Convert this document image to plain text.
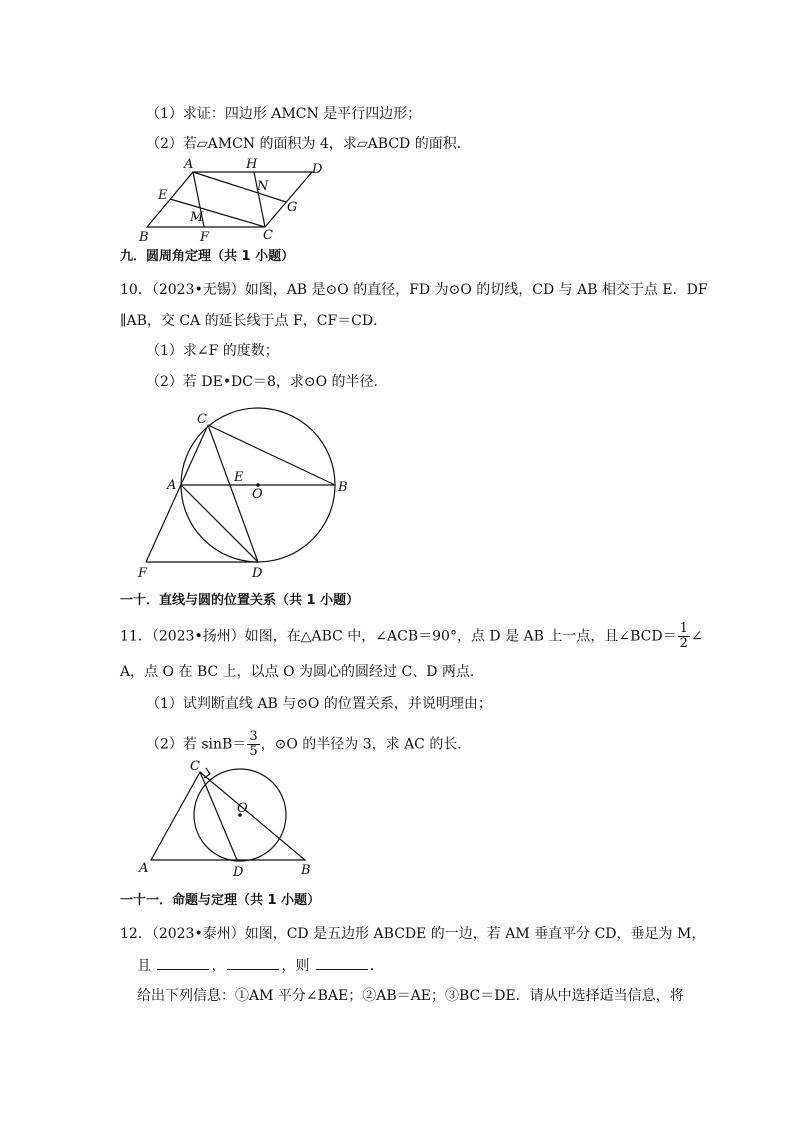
（1）求证：四边形 AMCN 是平行四边形；
（2）若▱AMCN 的面积为 4，求▱ABCD 的面积．
A	H	D
E
N
G
M
B	F	C
九．圆周角定理（共 1 小题）
10．（2023•无锡）如图，AB 是⊙O 的直径，FD 为⊙O 的切线，CD 与 AB 相交于点 E．DF
∥AB，交 CA 的延长线于点 F，CF＝CD．
（1）求∠F 的度数；
（2）若 DE•DC＝8，求⊙O 的半径．
C
A
E
O	B
F	D
一十．直线与圆的位置关系（共 1 小题）
11．（2023•扬州）如图，在△ABC 中，∠ACB＝90°，点 D 是 AB 上一点，且∠BCD＝ $\frac{1}{2}$ ∠
A，点 O 在 BC 上，以点 O 为圆心的圆经过 C、D 两点．
（1）试判断直线 AB 与⊙O 的位置关系，并说明理由；
（2）若 $\sin B= \frac{3}{5}$ ，⊙O 的半径为 3，求 AC 的长．
C
O
A	D	B
一十一．命题与定理（共 1 小题）
12．（2023•泰州）如图，CD 是五边形 ABCDE 的一边，若 AM 垂直平分 CD，垂足为 M，
且	，	，则	．
给出下列信息：①AM 平分∠BAE；②AB＝AE；③BC＝DE．请从中选择适当信息，将
